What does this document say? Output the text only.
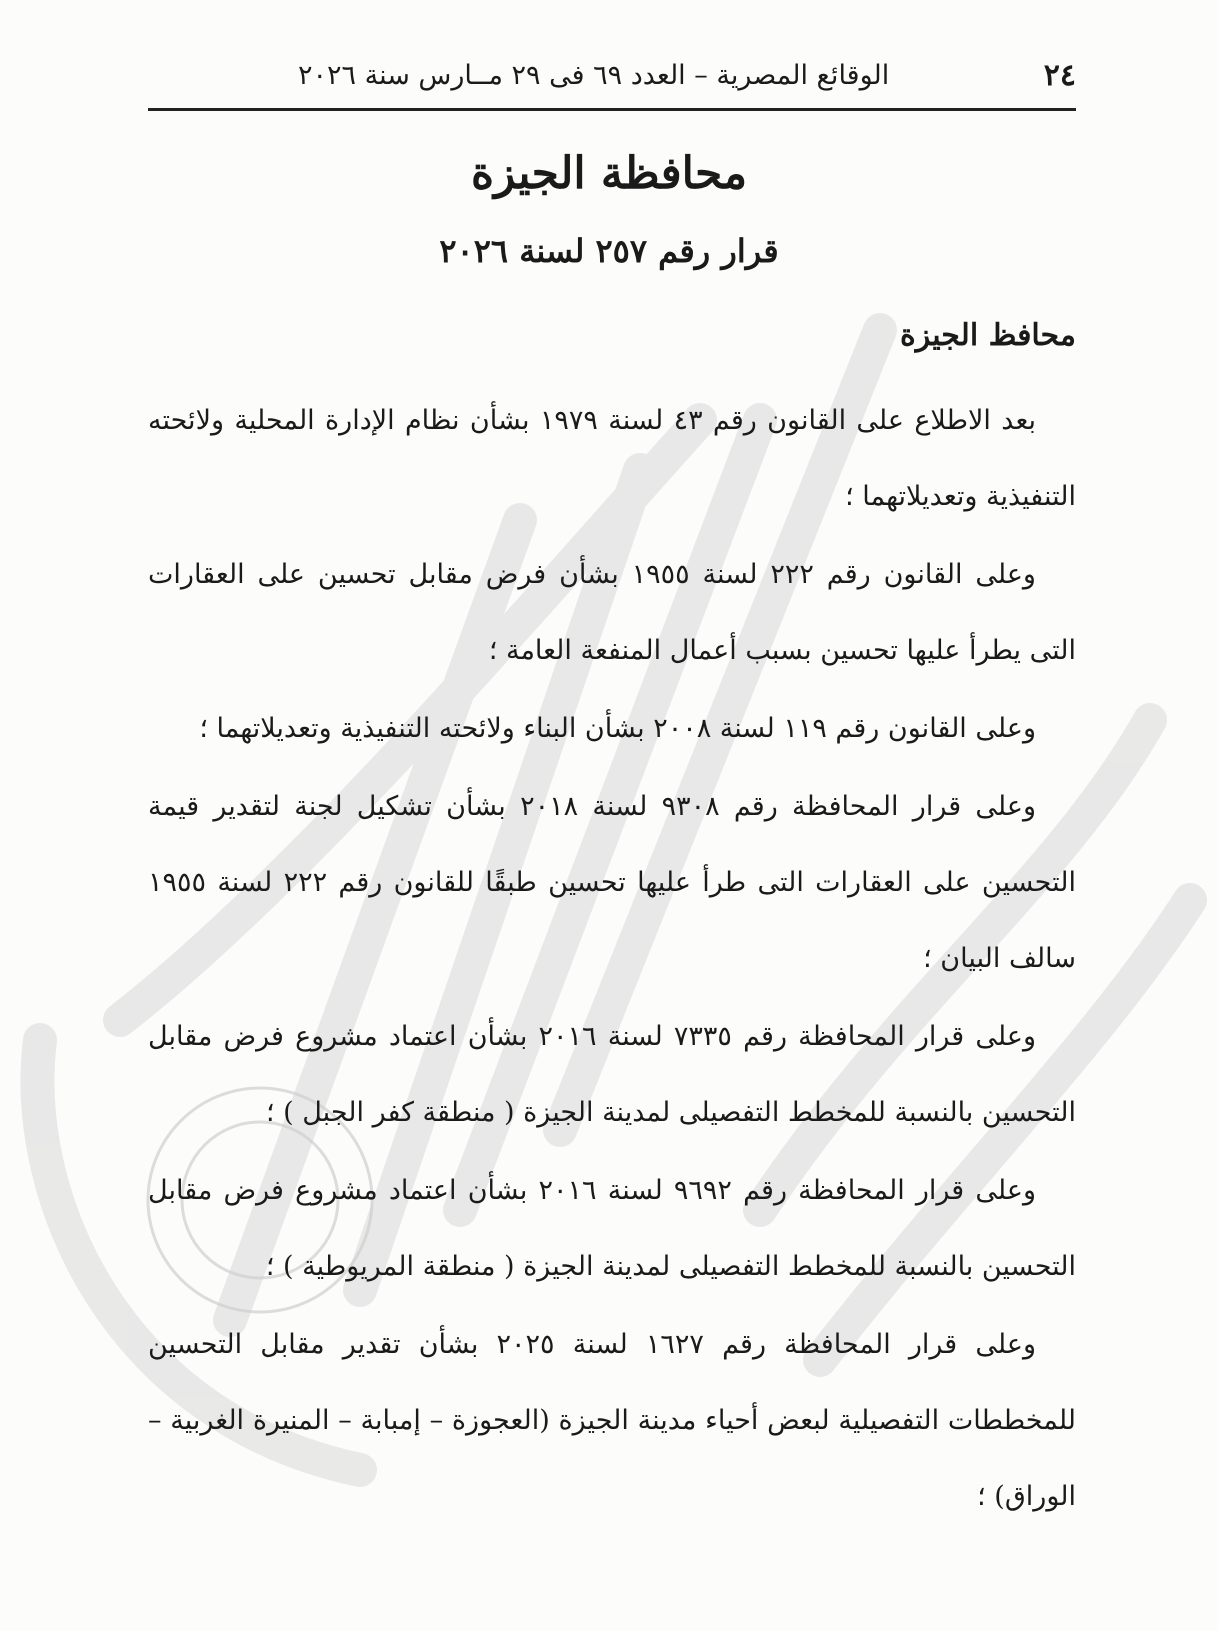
٢٤
الوقائع المصرية – العدد ٦٩ فى ٢٩ مــارس سنة ٢٠٢٦
محافظة الجيزة
قرار رقم ٢٥٧ لسنة ٢٠٢٦
محافظ الجيزة

بعد الاطلاع على القانون رقم ٤٣ لسنة ١٩٧٩ بشأن نظام الإدارة المحلية ولائحته التنفيذية وتعديلاتهما ؛

وعلى القانون رقم ٢٢٢ لسنة ١٩٥٥ بشأن فرض مقابل تحسين على العقارات التى يطرأ عليها تحسين بسبب أعمال المنفعة العامة ؛

وعلى القانون رقم ١١٩ لسنة ٢٠٠٨ بشأن البناء ولائحته التنفيذية وتعديلاتهما ؛

وعلى قرار المحافظة رقم ٩٣٠٨ لسنة ٢٠١٨ بشأن تشكيل لجنة لتقدير قيمة التحسين على العقارات التى طرأ عليها تحسين طبقًا للقانون رقم ٢٢٢ لسنة ١٩٥٥ سالف البيان ؛

وعلى قرار المحافظة رقم ٧٣٣٥ لسنة ٢٠١٦ بشأن اعتماد مشروع فرض مقابل التحسين بالنسبة للمخطط التفصيلى لمدينة الجيزة ( منطقة كفر الجبل ) ؛

وعلى قرار المحافظة رقم ٩٦٩٢ لسنة ٢٠١٦ بشأن اعتماد مشروع فرض مقابل التحسين بالنسبة للمخطط التفصيلى لمدينة الجيزة ( منطقة المريوطية ) ؛

وعلى قرار المحافظة رقم ١٦٢٧ لسنة ٢٠٢٥ بشأن تقدير مقابل التحسين للمخططات التفصيلية لبعض أحياء مدينة الجيزة (العجوزة – إمبابة – المنيرة الغربية – الوراق) ؛
